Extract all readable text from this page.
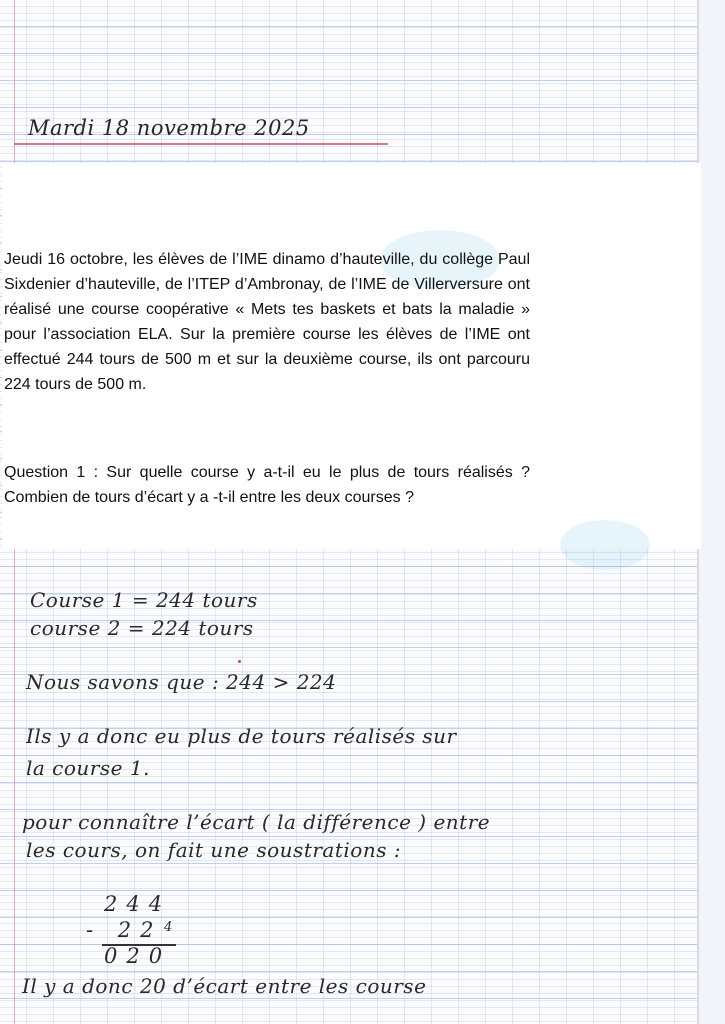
Mardi 18 novembre 2025
Jeudi 16 octobre, les élèves de l’IME dinamo d’hauteville, du collège Paul Sixdenier d’hauteville, de l’ITEP d’Ambronay, de l’IME de Villerversure ont réalisé une course coopérative « Mets tes baskets et bats la maladie » pour l’association ELA. Sur la première course les élèves de l’IME ont effectué 244 tours de 500 m et sur la deuxième course, ils ont parcouru 224 tours de 500 m.
Question 1 : Sur quelle course y a-t-il eu le plus de tours réalisés ? Combien de tours d’écart y a -t-il entre les deux courses ?
Course 1 = 244 tours
course 2 = 224 tours
Nous savons que : 244 > 224
Ils y a donc eu plus de tours réalisés sur
la course 1.
pour connaître l’écart ( la différence ) entre
les cours, on fait une soustrations :
244
- 22 4
020
Il y a donc 20 d’écart entre les course
